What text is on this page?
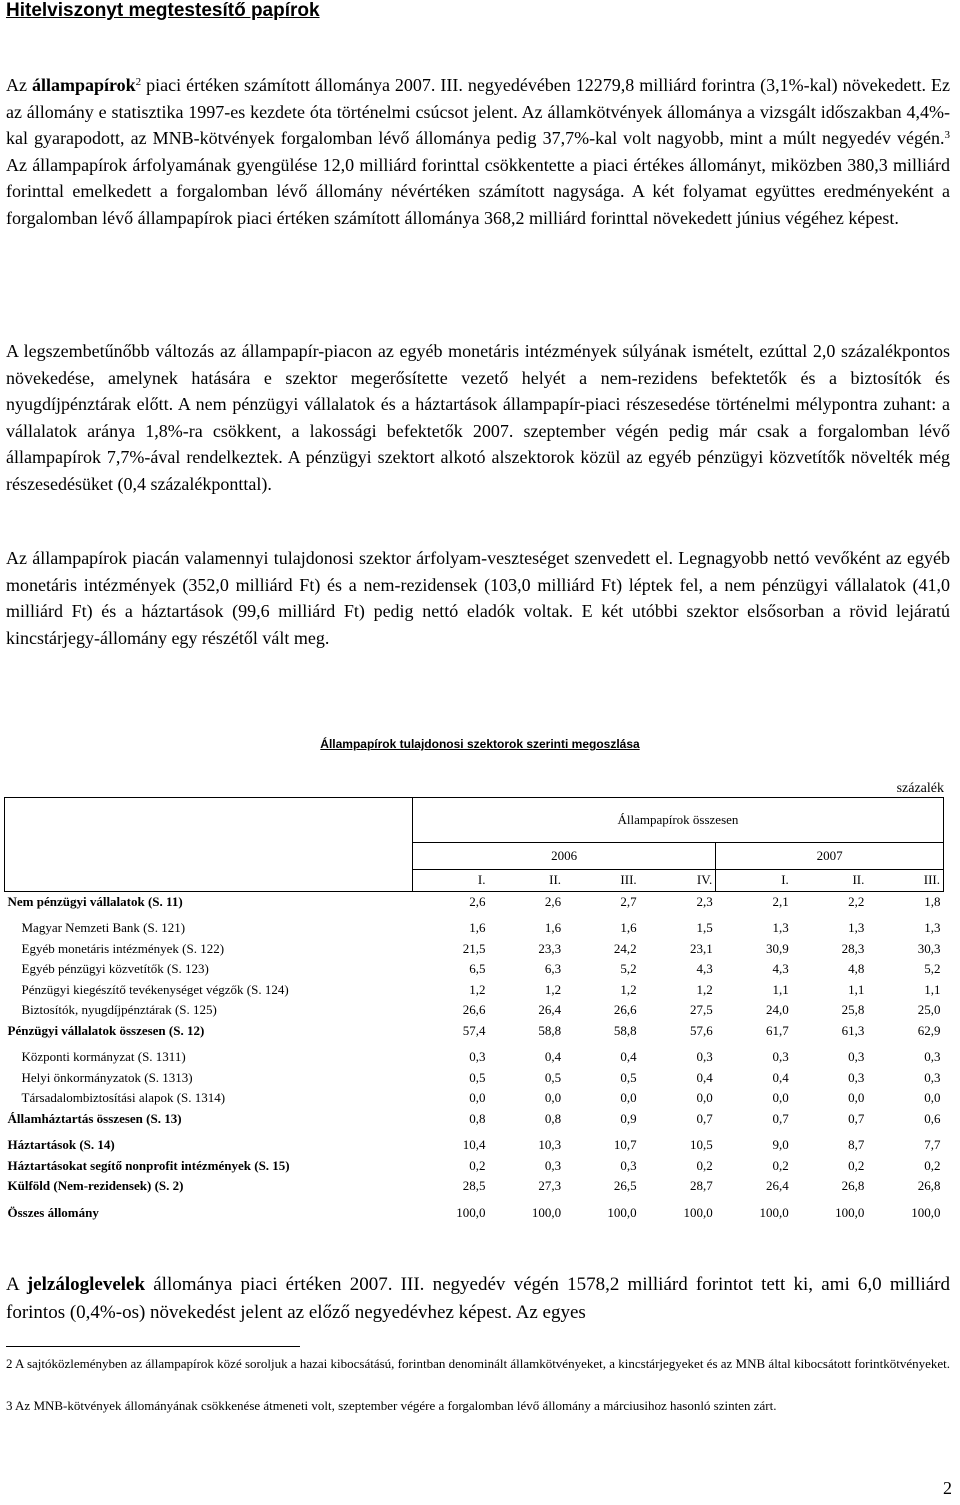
Hitelviszonyt megtestesítő papírok

Az állampapírok$^2$ piaci értéken számított állománya 2007. III. negyedévében 12279,8 milliárd forintra (3,1%-kal) növekedett. Ez az állomány e statisztika 1997-es kezdete óta történelmi csúcsot jelent. Az államkötvények állománya a vizsgált időszakban 4,4%-kal gyarapodott, az MNB-kötvények forgalomban lévő állománya pedig 37,7%-kal volt nagyobb, mint a múlt negyedév végén.$^3$ Az állampapírok árfolyamának gyengülése 12,0 milliárd forinttal csökkentette a piaci értékes állományt, miközben 380,3 milliárd forinttal emelkedett a forgalomban lévő állomány névértéken számított nagysága. A két folyamat együttes eredményeként a forgalomban lévő állampapírok piaci értéken számított állománya 368,2 milliárd forinttal növekedett június végéhez képest.

A legszembetűnőbb változás az állampapír-piacon az egyéb monetáris intézmények súlyának ismételt, ezúttal 2,0 százalékpontos növekedése, amelynek hatására e szektor megerősítette vezető helyét a nem-rezidens befektetők és a biztosítók és nyugdíjpénztárak előtt. A nem pénzügyi vállalatok és a háztartások állampapír-piaci részesedése történelmi mélypontra zuhant: a vállalatok aránya 1,8%-ra csökkent, a lakossági befektetők 2007. szeptember végén pedig már csak a forgalomban lévő állampapírok 7,7%-ával rendelkeztek. A pénzügyi szektort alkotó alszektorok közül az egyéb pénzügyi közvetítők növelték még részesedésüket (0,4 százalékponttal).

Az állampapírok piacán valamennyi tulajdonosi szektor árfolyam-veszteséget szenvedett el. Legnagyobb nettó vevőként az egyéb monetáris intézmények (352,0 milliárd Ft) és a nem-rezidensek (103,0 milliárd Ft) léptek fel, a nem pénzügyi vállalatok (41,0 milliárd Ft) és a háztartások (99,6 milliárd Ft) pedig nettó eladók voltak. E két utóbbi szektor elsősorban a rövid lejáratú kincstárjegy-állomány egy részétől vált meg.

Állampapírok tulajdonosi szektorok szerinti megoszlása
százalék
	Állampapírok összesen						
	2006				2007		
	I.	II.	III.	IV.	I.	II.	III.
Nem pénzügyi vállalatok (S. 11)	2,6	2,6	2,7	2,3	2,1	2,2	1,8
Magyar Nemzeti Bank (S. 121)	1,6	1,6	1,6	1,5	1,3	1,3	1,3
Egyéb monetáris intézmények (S. 122)	21,5	23,3	24,2	23,1	30,9	28,3	30,3
Egyéb pénzügyi közvetítők (S. 123)	6,5	6,3	5,2	4,3	4,3	4,8	5,2
Pénzügyi kiegészítő tevékenységet végzők (S. 124)	1,2	1,2	1,2	1,2	1,1	1,1	1,1
Biztosítók, nyugdíjpénztárak (S. 125)	26,6	26,4	26,6	27,5	24,0	25,8	25,0
Pénzügyi vállalatok összesen (S. 12)	57,4	58,8	58,8	57,6	61,7	61,3	62,9
Központi kormányzat (S. 1311)	0,3	0,4	0,4	0,3	0,3	0,3	0,3
Helyi önkormányzatok (S. 1313)	0,5	0,5	0,5	0,4	0,4	0,3	0,3
Társadalombiztosítási alapok (S. 1314)	0,0	0,0	0,0	0,0	0,0	0,0	0,0
Államháztartás összesen (S. 13)	0,8	0,8	0,9	0,7	0,7	0,7	0,6
Háztartások (S. 14)	10,4	10,3	10,7	10,5	9,0	8,7	7,7
Háztartásokat segítő nonprofit intézmények (S. 15)	0,2	0,3	0,3	0,2	0,2	0,2	0,2
Külföld (Nem-rezidensek) (S. 2)	28,5	27,3	26,5	28,7	26,4	26,8	26,8
Összes állomány	100,0	100,0	100,0	100,0	100,0	100,0	100,0

A jelzáloglevelek állománya piaci értéken 2007. III. negyedév végén 1578,2 milliárd forintot tett ki, ami 6,0 milliárd forintos (0,4%-os) növekedést jelent az előző negyedévhez képest. Az egyes

2 A sajtóközleményben az állampapírok közé soroljuk a hazai kibocsátású, forintban denominált államkötvényeket, a kincstárjegyeket és az MNB által kibocsátott forintkötvényeket.

3 Az MNB-kötvények állományának csökkenése átmeneti volt, szeptember végére a forgalomban lévő állomány a márciusihoz hasonló szinten zárt.

2
